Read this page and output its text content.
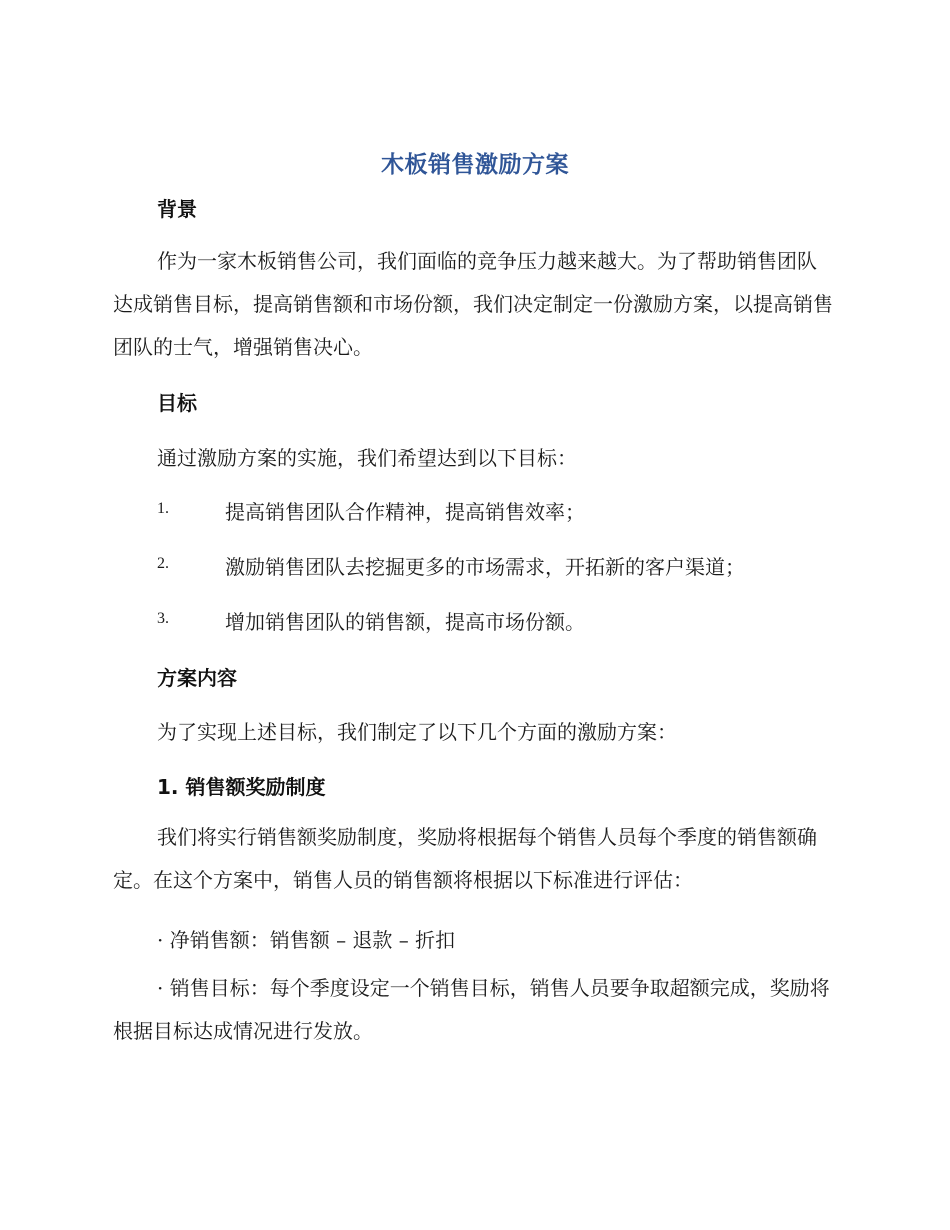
木板销售激励方案
背景
作为一家木板销售公司，我们面临的竞争压力越来越大。为了帮助销售团队达成销售目标，提高销售额和市场份额，我们决定制定一份激励方案，以提高销售团队的士气，增强销售决心。
目标
通过激励方案的实施，我们希望达到以下目标：
1.	提高销售团队合作精神，提高销售效率；
2.	激励销售团队去挖掘更多的市场需求，开拓新的客户渠道；
3.	增加销售团队的销售额，提高市场份额。
方案内容
为了实现上述目标，我们制定了以下几个方面的激励方案：
1. 销售额奖励制度
我们将实行销售额奖励制度，奖励将根据每个销售人员每个季度的销售额确定。在这个方案中，销售人员的销售额将根据以下标准进行评估：
· 净销售额：销售额 – 退款 – 折扣
· 销售目标：每个季度设定一个销售目标，销售人员要争取超额完成，奖励将根据目标达成情况进行发放。
